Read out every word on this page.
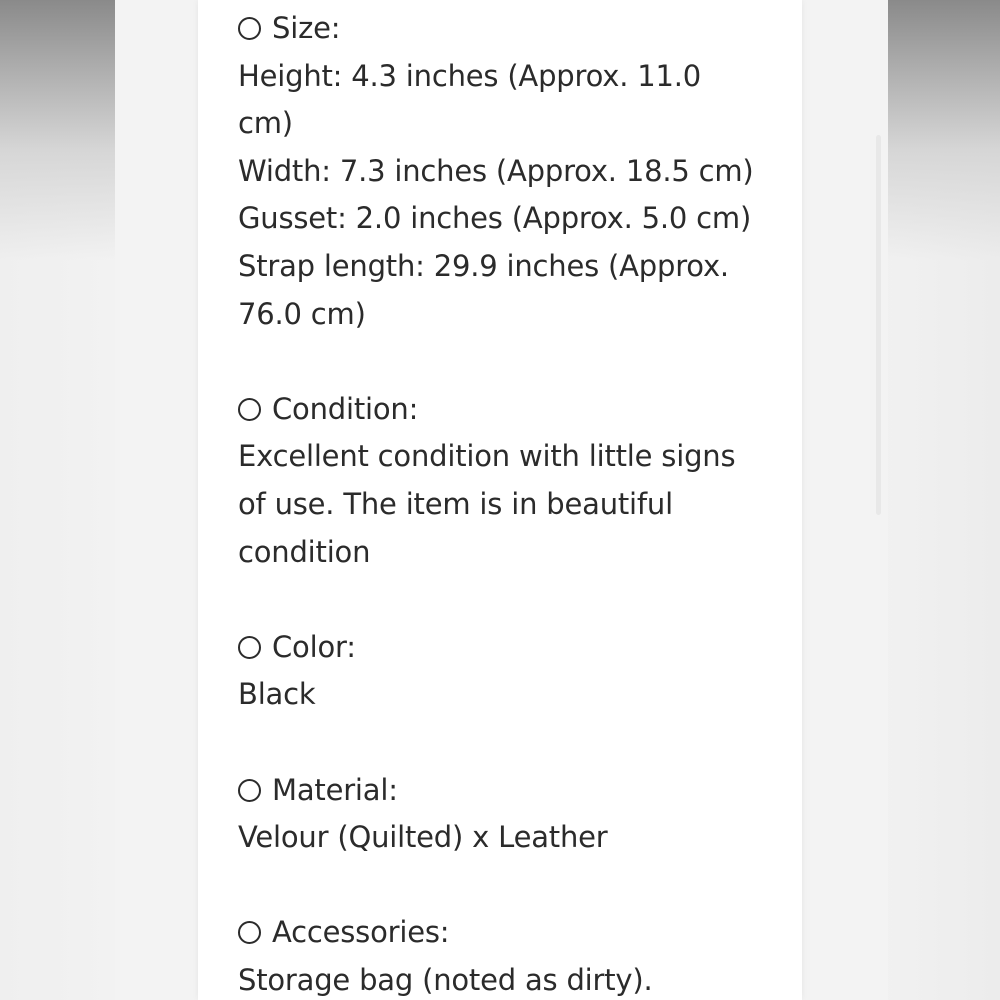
Size:
Height: 4.3 inches (Approx. 11.0
cm)
Width: 7.3 inches (Approx. 18.5 cm)
Gusset: 2.0 inches (Approx. 5.0 cm)
Strap length: 29.9 inches (Approx.
76.0 cm)
Condition:
Excellent condition with little signs
of use. The item is in beautiful
condition
Color:
Black
Material:
Velour (Quilted) x Leather
Accessories:
Storage bag (noted as dirty).
